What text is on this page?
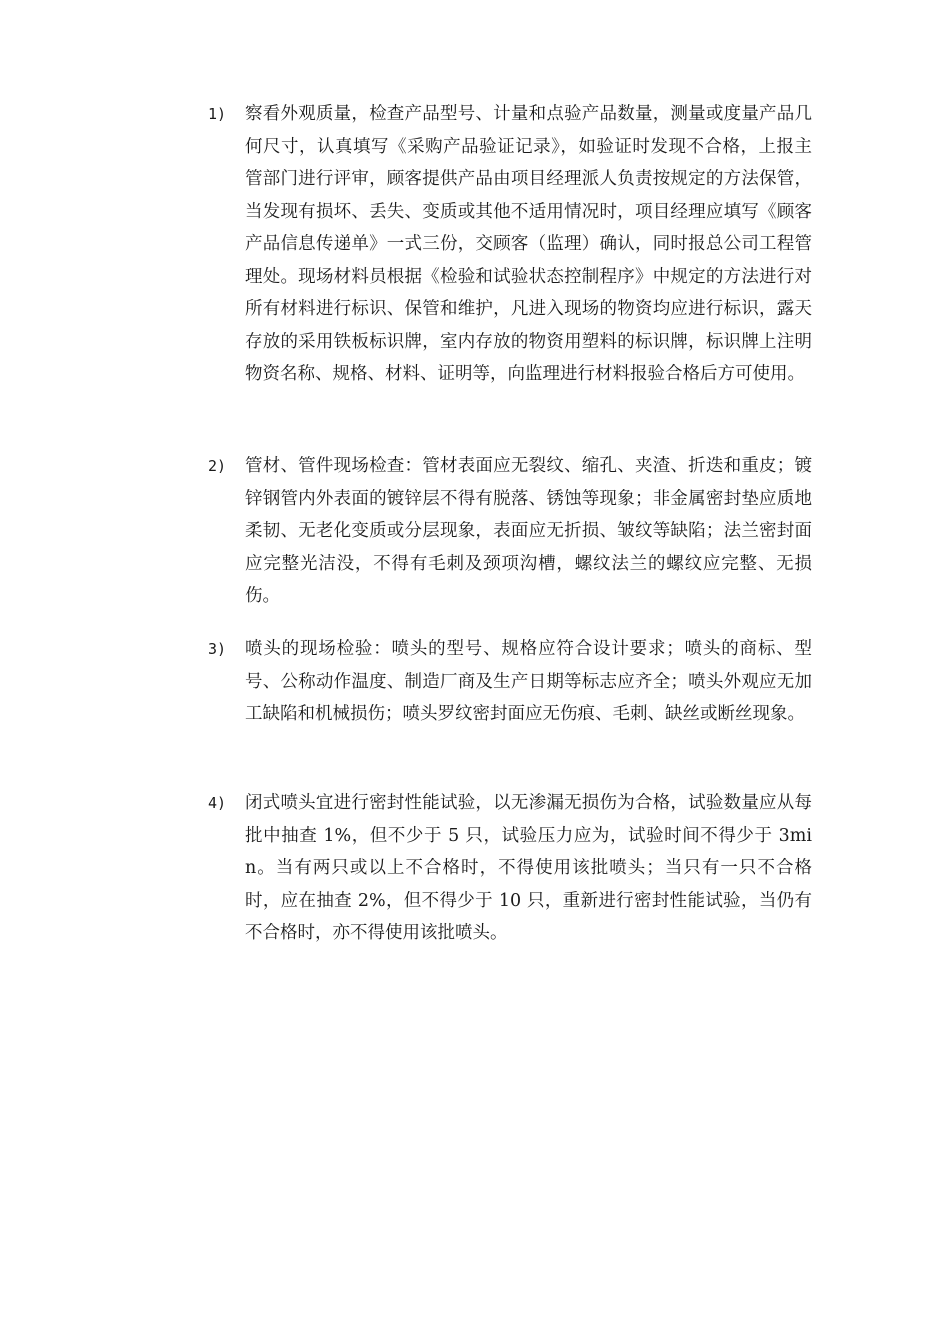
1)	察看外观质量，检查产品型号、计量和点验产品数量，测量或度量产品几何尺寸，认真填写《采购产品验证记录》，如验证时发现不合格，上报主管部门进行评审，顾客提供产品由项目经理派人负责按规定的方法保管，当发现有损坏、丢失、变质或其他不适用情况时，项目经理应填写《顾客产品信息传递单》一式三份，交顾客（监理）确认，同时报总公司工程管理处。现场材料员根据《检验和试验状态控制程序》中规定的方法进行对所有材料进行标识、保管和维护，凡进入现场的物资均应进行标识，露天存放的采用铁板标识牌，室内存放的物资用塑料的标识牌，标识牌上注明物资名称、规格、材料、证明等，向监理进行材料报验合格后方可使用。
2)	管材、管件现场检查：管材表面应无裂纹、缩孔、夹渣、折迭和重皮；镀锌钢管内外表面的镀锌层不得有脱落、锈蚀等现象；非金属密封垫应质地柔韧、无老化变质或分层现象，表面应无折损、皱纹等缺陷；法兰密封面应完整光洁没，不得有毛刺及颈项沟槽，螺纹法兰的螺纹应完整、无损伤。
3)	喷头的现场检验：喷头的型号、规格应符合设计要求；喷头的商标、型号、公称动作温度、制造厂商及生产日期等标志应齐全；喷头外观应无加工缺陷和机械损伤；喷头罗纹密封面应无伤痕、毛刺、缺丝或断丝现象。
4)	闭式喷头宜进行密封性能试验，以无渗漏无损伤为合格，试验数量应从每批中抽查 1%，但不少于 5 只，试验压力应为，试验时间不得少于 3min。当有两只或以上不合格时，不得使用该批喷头；当只有一只不合格时，应在抽查 2%，但不得少于 10 只，重新进行密封性能试验，当仍有不合格时，亦不得使用该批喷头。
